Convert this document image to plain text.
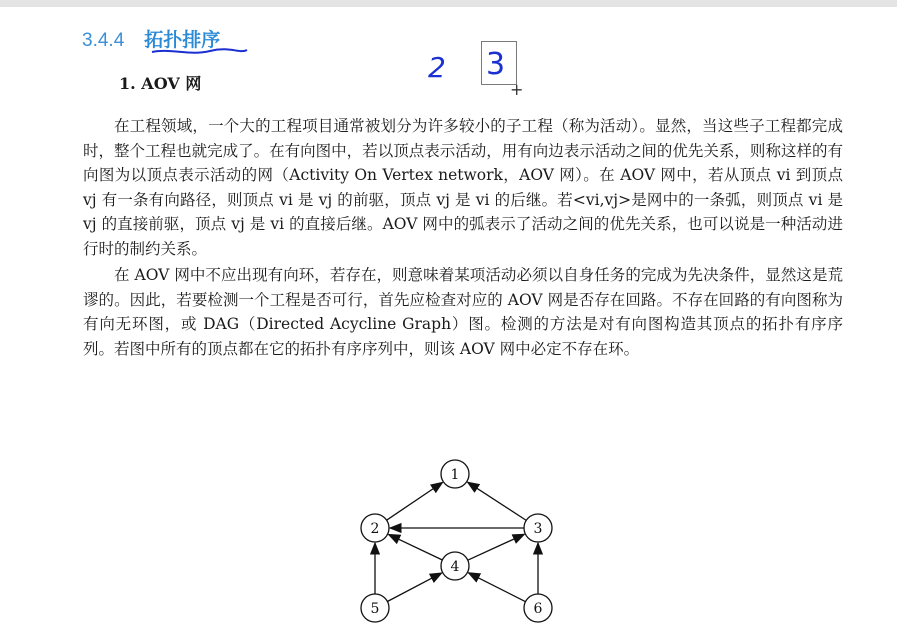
3.4.4 拓扑排序
1. AOV 网	2 3
+

在工程领域，一个大的工程项目通常被划分为许多较小的子工程（称为活动）。显然，当这些子工程都完成时，整个工程也就完成了。在有向图中，若以顶点表示活动，用有向边表示活动之间的优先关系，则称这样的有向图为以顶点表示活动的网（Activity On Vertex network，AOV 网）。在 AOV 网中，若从顶点 vi 到顶点 vj 有一条有向路径，则顶点 vi 是 vj 的前驱，顶点 vj 是 vi 的后继。若<vi,vj>是网中的一条弧，则顶点 vi 是 vj 的直接前驱，顶点 vj 是 vi 的直接后继。AOV 网中的弧表示了活动之间的优先关系，也可以说是一种活动进行时的制约关系。

在 AOV 网中不应出现有向环，若存在，则意味着某项活动必须以自身任务的完成为先决条件，显然这是荒谬的。因此，若要检测一个工程是否可行，首先应检查对应的 AOV 网是否存在回路。不存在回路的有向图称为有向无环图，或 DAG（Directed Acycline Graph）图。检测的方法是对有向图构造其顶点的拓扑有序序列。若图中所有的顶点都在它的拓扑有序序列中，则该 AOV 网中必定不存在环。

1
2	3
4
5	6
